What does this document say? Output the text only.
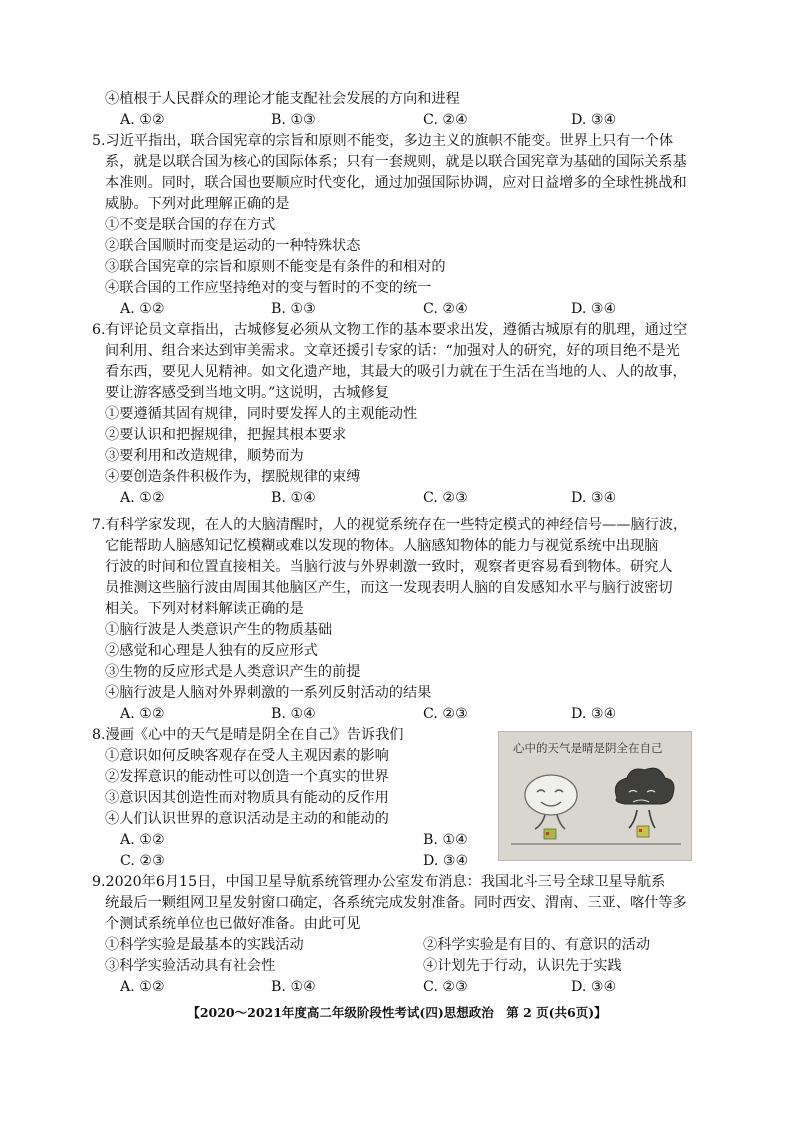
④植根于人民群众的理论才能支配社会发展的方向和进程
A. ①②	B. ①③	C. ②④	D. ③④
5.习近平指出，联合国宪章的宗旨和原则不能变，多边主义的旗帜不能变。世界上只有一个体
系，就是以联合国为核心的国际体系；只有一套规则，就是以联合国宪章为基础的国际关系基
本准则。同时，联合国也要顺应时代变化，通过加强国际协调，应对日益增多的全球性挑战和
威胁。下列对此理解正确的是
①不变是联合国的存在方式
②联合国顺时而变是运动的一种特殊状态
③联合国宪章的宗旨和原则不能变是有条件的和相对的
④联合国的工作应坚持绝对的变与暂时的不变的统一
A. ①②	B. ①③	C. ②④	D. ③④
6.有评论员文章指出，古城修复必须从文物工作的基本要求出发，遵循古城原有的肌理，通过空
间利用、组合来达到审美需求。文章还援引专家的话：“加强对人的研究，好的项目绝不是光
看东西，要见人见精神。如文化遗产地，其最大的吸引力就在于生活在当地的人、人的故事，
要让游客感受到当地文明。”这说明，古城修复
①要遵循其固有规律，同时要发挥人的主观能动性
②要认识和把握规律，把握其根本要求
③要利用和改造规律，顺势而为
④要创造条件积极作为，摆脱规律的束缚
A. ①②	B. ①④	C. ②③	D. ③④
7.有科学家发现，在人的大脑清醒时，人的视觉系统存在一些特定模式的神经信号——脑行波，
它能帮助人脑感知记忆模糊或难以发现的物体。人脑感知物体的能力与视觉系统中出现脑
行波的时间和位置直接相关。当脑行波与外界刺激一致时，观察者更容易看到物体。研究人
员推测这些脑行波由周围其他脑区产生，而这一发现表明人脑的自发感知水平与脑行波密切
相关。下列对材料解读正确的是
①脑行波是人类意识产生的物质基础
②感觉和心理是人独有的反应形式
③生物的反应形式是人类意识产生的前提
④脑行波是人脑对外界刺激的一系列反射活动的结果
A. ①②	B. ①④	C. ②③	D. ③④
8.漫画《心中的天气是晴是阴全在自己》告诉我们
①意识如何反映客观存在受人主观因素的影响
②发挥意识的能动性可以创造一个真实的世界
③意识因其创造性而对物质具有能动的反作用
④人们认识世界的意识活动是主动的和能动的
A. ①②	B. ①④
C. ②③	D. ③④
心中的天气是晴是阴全在自己
9.2020年6月15日，中国卫星导航系统管理办公室发布消息：我国北斗三号全球卫星导航系
统最后一颗组网卫星发射窗口确定，各系统完成发射准备。同时西安、渭南、三亚、喀什等多
个测试系统单位也已做好准备。由此可见
①科学实验是最基本的实践活动	②科学实验是有目的、有意识的活动
③科学实验活动具有社会性	④计划先于行动，认识先于实践
A. ①②	B. ①④	C. ②③	D. ③④
【2020～2021年度高二年级阶段性考试(四)思想政治　第 2 页(共6页)】
